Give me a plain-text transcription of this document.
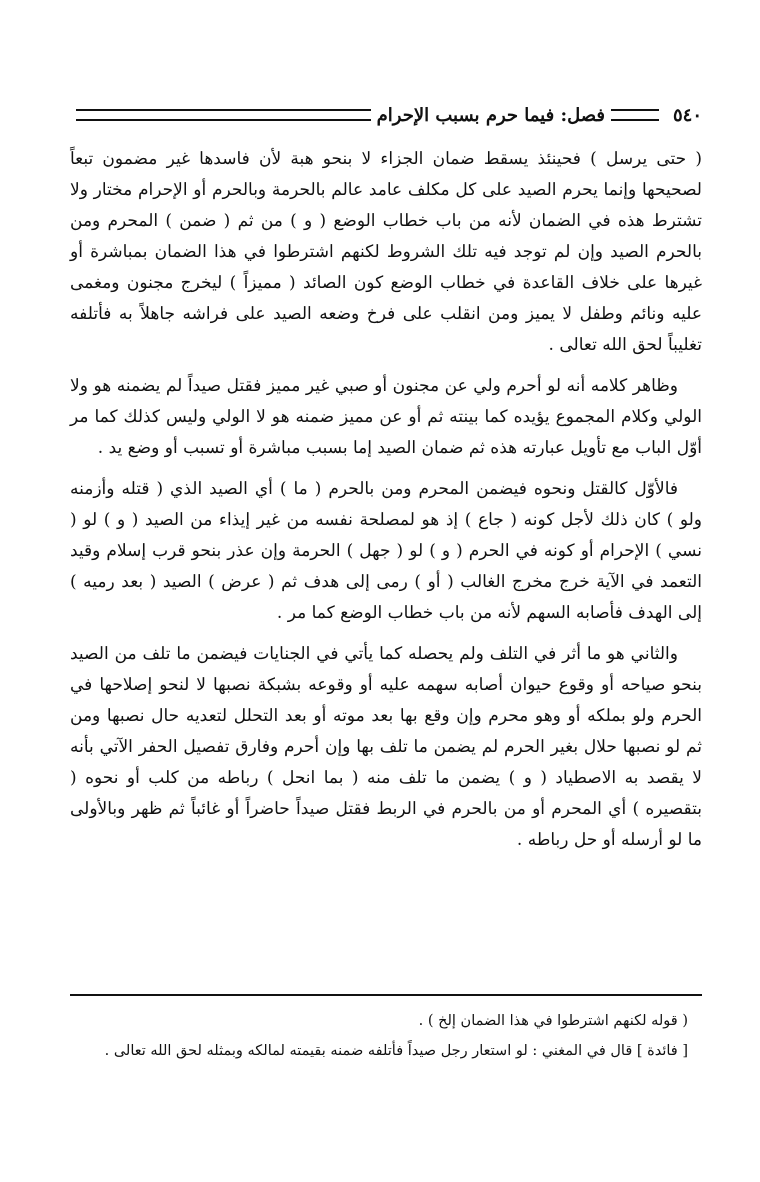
٥٤٠
فصل: فيما حرم بسبب الإحرام

( حتى يرسل ) فحينئذ يسقط ضمان الجزاء لا بنحو هبة لأن فاسدها غير مضمون تبعاً لصحيحها وإنما يحرم الصيد على كل مكلف عامد عالم بالحرمة وبالحرم أو الإحرام مختار ولا تشترط هذه في الضمان لأنه من باب خطاب الوضع ( و ) من ثم ( ضمن ) المحرم ومن بالحرم الصيد وإن لم توجد فيه تلك الشروط لكنهم اشترطوا في هذا الضمان بمباشرة أو غيرها على خلاف القاعدة في خطاب الوضع كون الصائد ( مميزاً ) ليخرج مجنون ومغمى عليه ونائم وطفل لا يميز ومن انقلب على فرخ وضعه الصيد على فراشه جاهلاً به فأتلفه تغليباً لحق الله تعالى .

وظاهر كلامه أنه لو أحرم ولي عن مجنون أو صبي غير مميز فقتل صيداً لم يضمنه هو ولا الولي وكلام المجموع يؤيده كما بينته ثم أو عن مميز ضمنه هو لا الولي وليس كذلك كما مر أوّل الباب مع تأويل عبارته هذه ثم ضمان الصيد إما بسبب مباشرة أو تسبب أو وضع يد .

فالأوّل كالقتل ونحوه فيضمن المحرم ومن بالحرم ( ما ) أي الصيد الذي ( قتله وأزمنه ولو ) كان ذلك لأجل كونه ( جاع ) إذ هو لمصلحة نفسه من غير إيذاء من الصيد ( و ) لو ( نسي ) الإحرام أو كونه في الحرم ( و ) لو ( جهل ) الحرمة وإن عذر بنحو قرب إسلام وقيد التعمد في الآية خرج مخرج الغالب ( أو ) رمى إلى هدف ثم ( عرض ) الصيد ( بعد رميه ) إلى الهدف فأصابه السهم لأنه من باب خطاب الوضع كما مر .

والثاني هو ما أثر في التلف ولم يحصله كما يأتي في الجنايات فيضمن ما تلف من الصيد بنحو صياحه أو وقوع حيوان أصابه سهمه عليه أو وقوعه بشبكة نصبها لا لنحو إصلاحها في الحرم ولو بملكه أو وهو محرم وإن وقع بها بعد موته أو بعد التحلل لتعديه حال نصبها ومن ثم لو نصبها حلال بغير الحرم لم يضمن ما تلف بها وإن أحرم وفارق تفصيل الحفر الآتي بأنه لا يقصد به الاصطياد ( و ) يضمن ما تلف منه ( بما انحل ) رباطه من كلب أو نحوه ( بتقصيره ) أي المحرم أو من بالحرم في الربط فقتل صيداً حاضراً أو غائباً ثم ظهر وبالأولى ما لو أرسله أو حل رباطه .

( قوله لكنهم اشترطوا في هذا الضمان إلخ ) .

[ فائدة ] قال في المغني : لو استعار رجل صيداً فأتلفه ضمنه بقيمته لمالكه وبمثله لحق الله تعالى .
